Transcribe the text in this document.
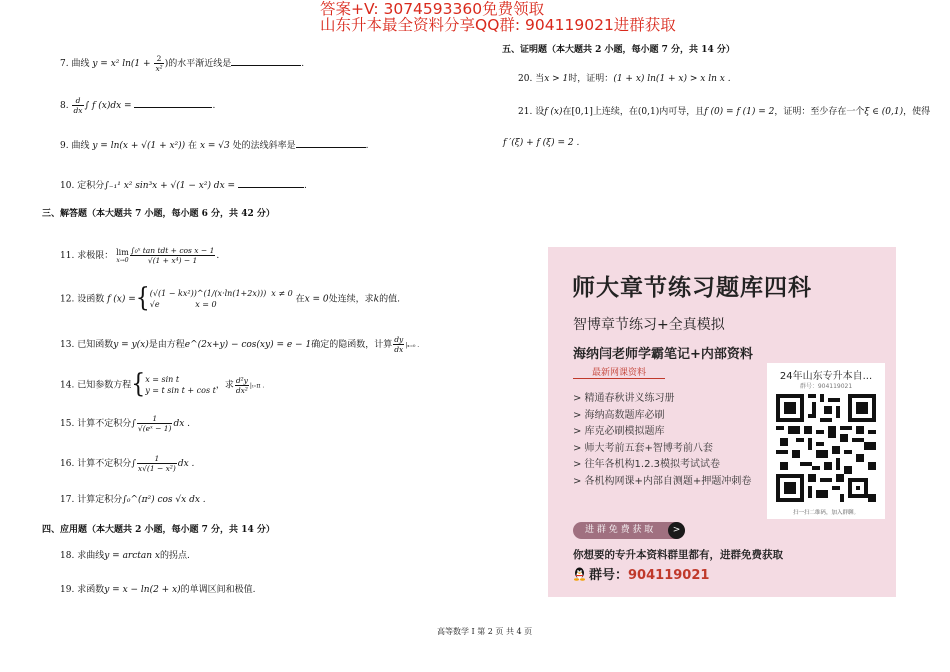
答案+V: 3074593360免费领取
山东升本最全资料分享QQ群: 904119021进群获取
7. 曲线 y = x² $\ln(1 + \frac{2}{\text{x²}}$ )的水平渐近线是	.
8. $\frac{d}{dx}$ ∫ f (x)dx =	.
9. 曲线 y = ln(x + √(1 + x²)) 在 x = √3 处的法线斜率是	.
10. 定积分∫₋₁¹ x² sin³x + √(1 − x²) dx =	.
三、解答题（本大题共 7 小题，每小题 6 分，共 42 分）
11. 求极限： lim
$x\to 0 \frac{\text{∫₀ˣ tan tdt + cos x − 1}}{\text{√(1 + x⁴) − 1}}$ .
12. 设函数 f (x) ={ (√(1 − kx²))^(1/(x·ln(1+2x))) x ≠ 0
√e	x = 0	在x = 0处连续，求k的值.
13. 已知函数y = y(x)是由方程e^(2x+y) − cos(xy) = e − 1确定的隐函数，计算 $\frac{dy}{dx} |_{x=0}$ .
14. 已知参数方程{ x = sin t
y = t sin t + cos t ，求 $\frac{\text{d²y}}{\text{dx²}} |_{t=}\pi$ .
15. 计算不定积分∫ $\frac{1}{\text{√(eˣ − 1)}}$ dx .
16. 计算不定积分∫ $\frac{1}{\text{x√(1 − x²)}}$ dx .
17. 计算定积分∫₀^(π²) cos √x dx .
四、应用题（本大题共 2 小题，每小题 7 分，共 14 分）
18. 求曲线y = arctan x的拐点.
19. 求函数y = x − ln(2 + x)的单调区间和极值.
五、证明题（本大题共 2 小题，每小题 7 分，共 14 分）
20. 当x > 1时，证明：(1 + x) ln(1 + x) > x ln x .
21. 设f (x)在[0,1]上连续，在(0,1)内可导，且f (0) = f (1) = 2，证明：至少存在一个ξ ∈ (0,1)，使得
f ′(ξ) + f (ξ) = 2 .
师大章节练习题库四科
智博章节练习+全真模拟
海纳闫老师学霸笔记+内部资料
最新网课资料
> 精通春秋讲义练习册
> 海纳高数题库必刷
> 库克必刷模拟题库
> 师大考前五套+智博考前八套
> 往年各机构1.2.3模拟考试试卷
> 各机构网课+内部自测题+押题冲刺卷
进 群 免 费 获 取	>
你想要的专升本资料群里都有，进群免费获取
群号：904119021
24年山东专升本自...
群号：904119021
扫一扫二维码，加入群聊。
高等数学 I 第 2 页 共 4 页
